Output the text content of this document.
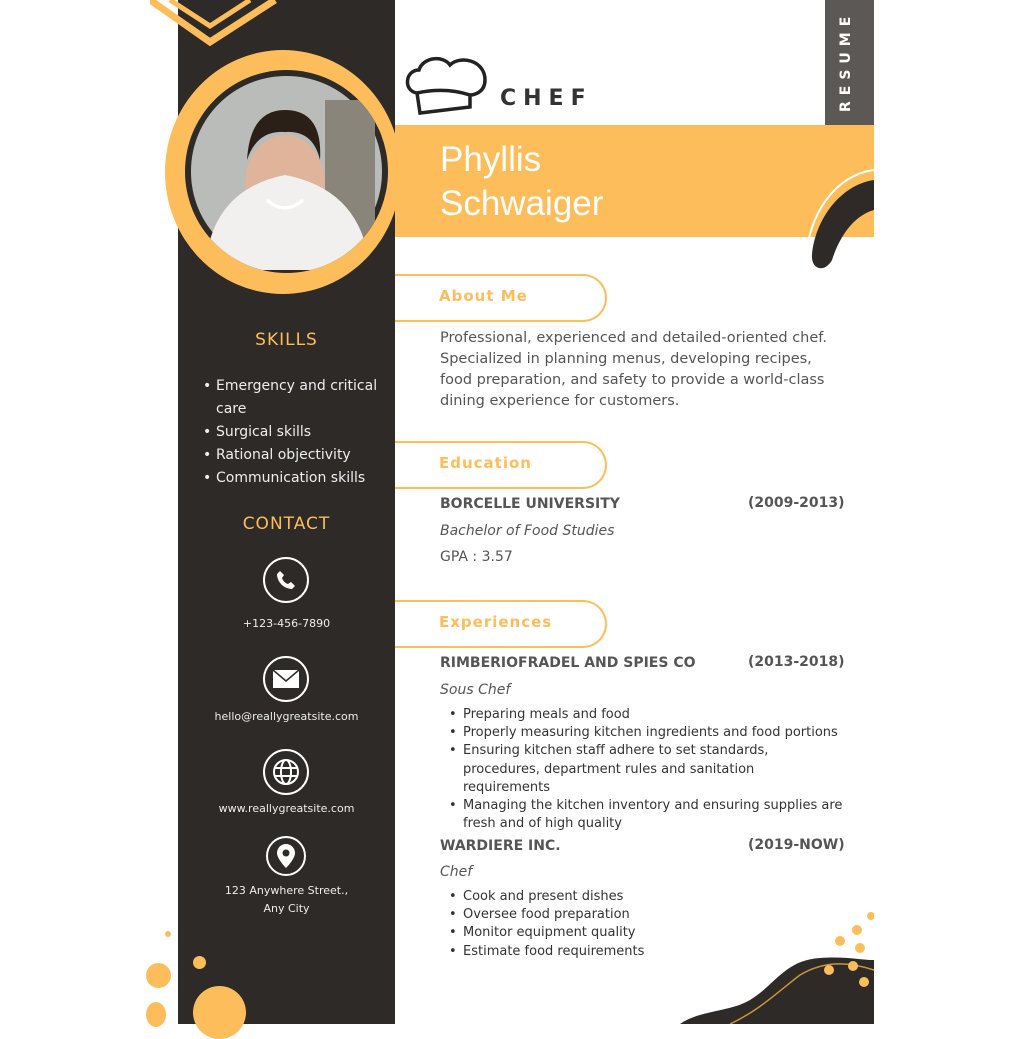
SKILLS
• Emergency and critical care
• Surgical skills
• Rational objectivity
• Communication skills
CONTACT
+123-456-7890
hello@reallygreatsite.com
www.reallygreatsite.com
123 Anywhere Street.,
Any City
CHEF	RESUME
Phyllis
Schwaiger
About Me
Professional, experienced and detailed-oriented chef. Specialized in planning menus, developing recipes, food preparation, and safety to provide a world-class dining experience for customers.
Education
BORCELLE UNIVERSITY	(2009-2013)
Bachelor of Food Studies
GPA : 3.57
Experiences
RIMBERIOFRADEL AND SPIES CO	(2013-2018)
Sous Chef
• Preparing meals and food
• Properly measuring kitchen ingredients and food portions
• Ensuring kitchen staff adhere to set standards, procedures, department rules and sanitation requirements
• Managing the kitchen inventory and ensuring supplies are fresh and of high quality
WARDIERE INC.	(2019-NOW)
Chef
• Cook and present dishes
• Oversee food preparation
• Monitor equipment quality
• Estimate food requirements
